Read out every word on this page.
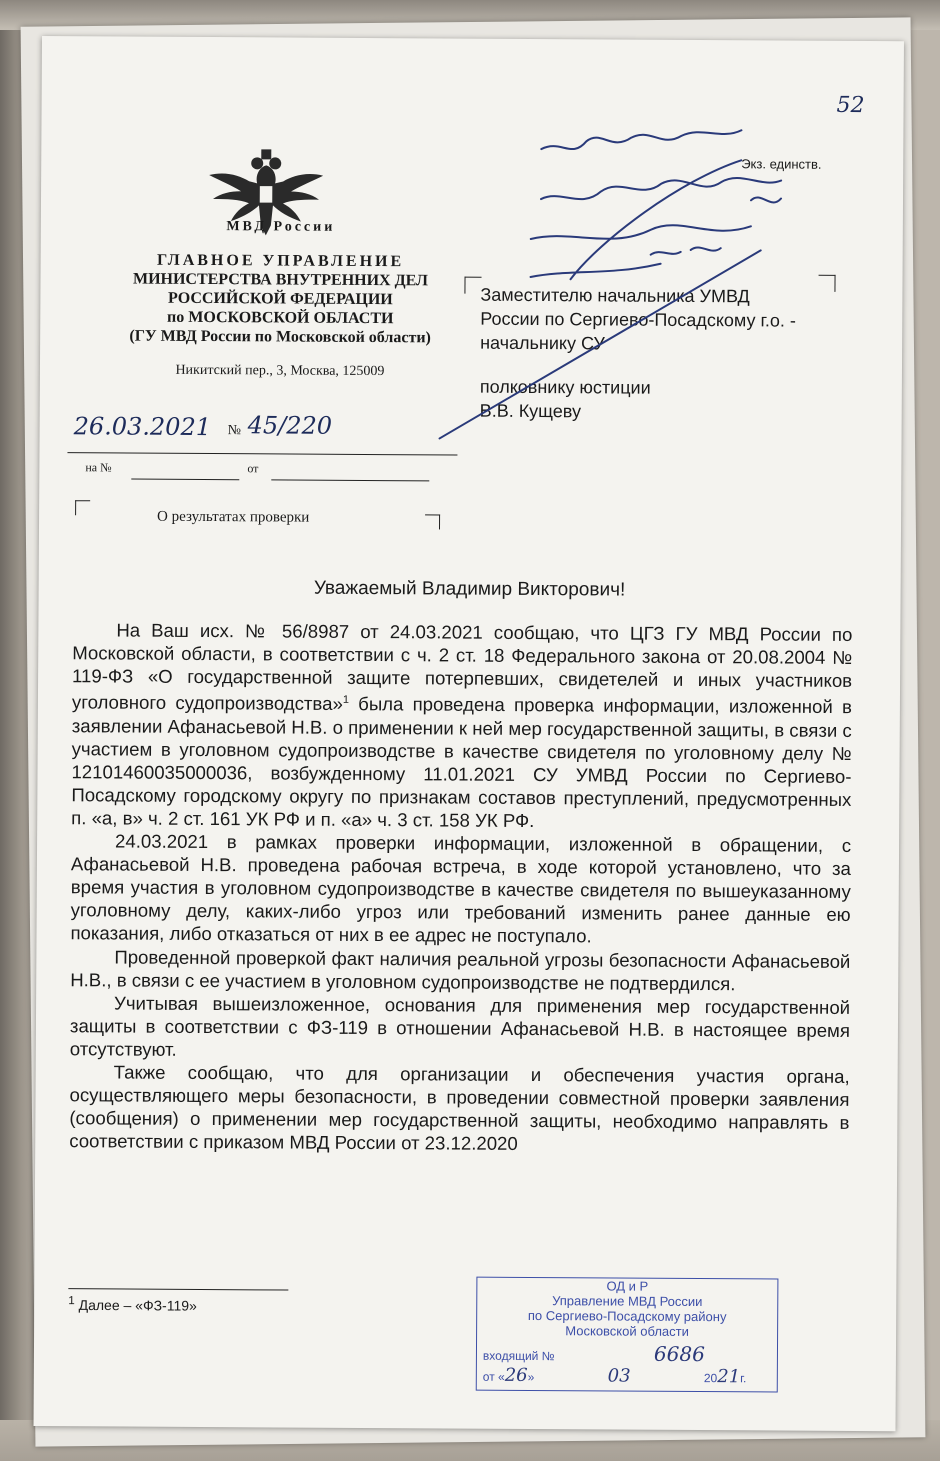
МВД России
ГЛАВНОЕ УПРАВЛЕНИЕ
МИНИСТЕРСТВА ВНУТРЕННИХ ДЕЛ
РОССИЙСКОЙ ФЕДЕРАЦИИ
по МОСКОВСКОЙ ОБЛАСТИ
(ГУ МВД России по Московской области)
Никитский пер., 3, Москва, 125009
26.03.2021 № 45/220
на №	от
О результатах проверки
Экз. единств.
52
Заместителю начальника УМВД
России по Сергиево-Посадскому г.о. -
начальнику СУ
полковнику юстиции
В.В. Кущеву
Уважаемый Владимир Викторович!

На Ваш исх. № 56/8987 от 24.03.2021 сообщаю, что ЦГЗ ГУ МВД России по Московской области, в соответствии с ч. 2 ст. 18 Федерального закона от 20.08.2004 № 119-ФЗ «О государственной защите потерпевших, свидетелей и иных участников уголовного судопроизводства»$^1$ была проведена проверка информации, изложенной в заявлении Афанасьевой Н.В. о применении к ней мер государственной защиты, в связи с участием в уголовном судопроизводстве в качестве свидетеля по уголовному делу № 12101460035000036, возбужденному 11.01.2021 СУ УМВД России по Сергиево-Посадскому городскому округу по признакам составов преступлений, предусмотренных п. «а, в» ч. 2 ст. 161 УК РФ и п. «а» ч. 3 ст. 158 УК РФ.

24.03.2021 в рамках проверки информации, изложенной в обращении, с Афанасьевой Н.В. проведена рабочая встреча, в ходе которой установлено, что за время участия в уголовном судопроизводстве в качестве свидетеля по вышеуказанному уголовному делу, каких-либо угроз или требований изменить ранее данные ею показания, либо отказаться от них в ее адрес не поступало.

Проведенной проверкой факт наличия реальной угрозы безопасности Афанасьевой Н.В., в связи с ее участием в уголовном судопроизводстве не подтвердился.

Учитывая вышеизложенное, основания для применения мер государственной защиты в соответствии с ФЗ-119 в отношении Афанасьевой Н.В. в настоящее время отсутствуют.

Также сообщаю, что для организации и обеспечения участия органа, осуществляющего меры безопасности, в проведении совместной проверки заявления (сообщения) о применении мер государственной защиты, необходимо направлять в соответствии с приказом МВД России от 23.12.2020

$^1$ Далее – «ФЗ-119»
ОД и Р
Управление МВД России
по Сергиево-Посадскому району
Московской области
входящий №	6686
от «26»	03	2021г.
